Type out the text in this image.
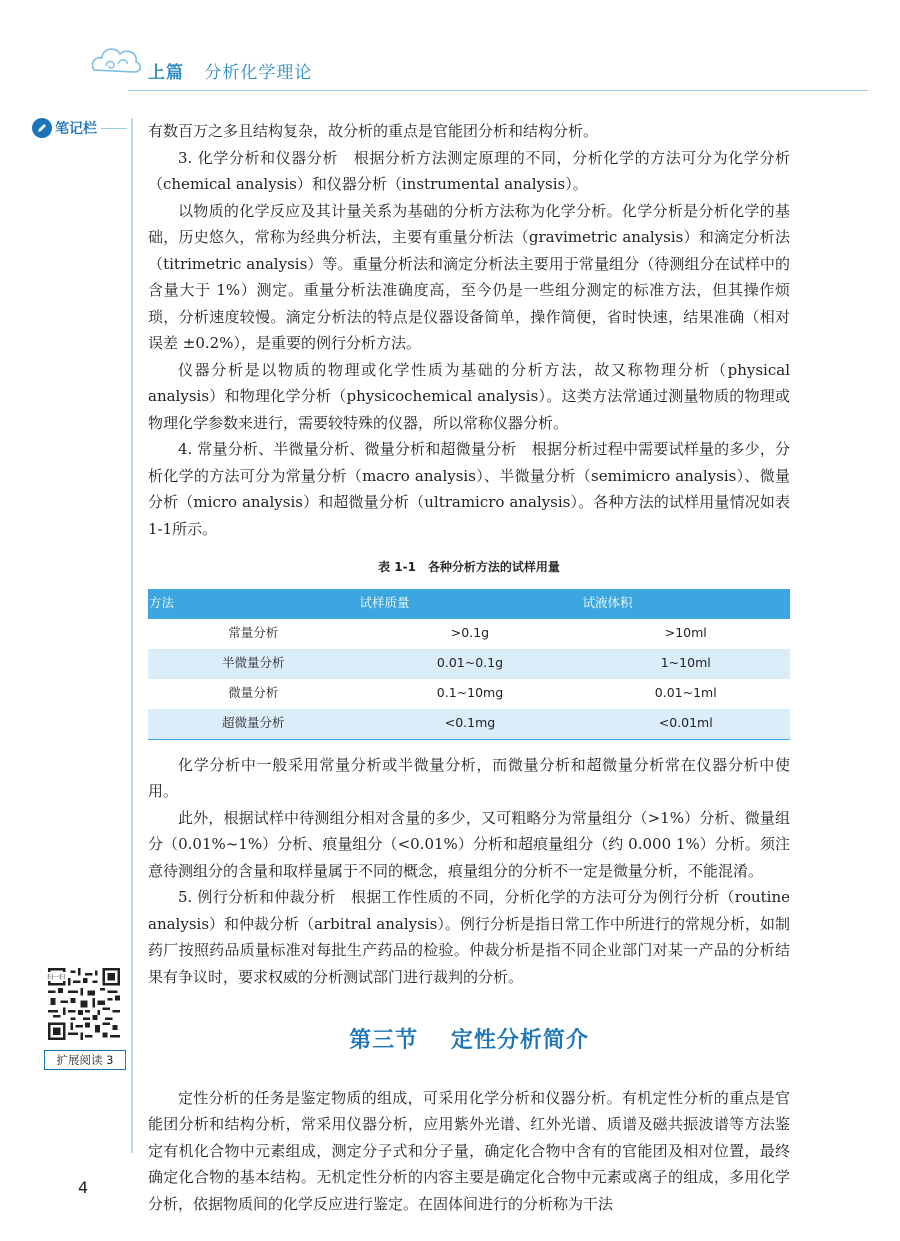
上篇 分析化学理论
笔记栏	有数百万之多且结构复杂，故分析的重点是官能团分析和结构分析。

3. 化学分析和仪器分析　根据分析方法测定原理的不同，分析化学的方法可分为化学分析（chemical analysis）和仪器分析（instrumental analysis）。

以物质的化学反应及其计量关系为基础的分析方法称为化学分析。化学分析是分析化学的基础，历史悠久，常称为经典分析法，主要有重量分析法（gravimetric analysis）和滴定分析法（titrimetric analysis）等。重量分析法和滴定分析法主要用于常量组分（待测组分在试样中的含量大于 1%）测定。重量分析法准确度高，至今仍是一些组分测定的标准方法，但其操作烦琐，分析速度较慢。滴定分析法的特点是仪器设备简单，操作简便，省时快速，结果准确（相对误差 ±0.2%），是重要的例行分析方法。

仪器分析是以物质的物理或化学性质为基础的分析方法，故又称物理分析（physical analysis）和物理化学分析（physicochemical analysis）。这类方法常通过测量物质的物理或物理化学参数来进行，需要较特殊的仪器，所以常称仪器分析。

4. 常量分析、半微量分析、微量分析和超微量分析　根据分析过程中需要试样量的多少，分析化学的方法可分为常量分析（macro analysis）、半微量分析（semimicro analysis）、微量分析（micro analysis）和超微量分析（ultramicro analysis）。各种方法的试样用量情况如表 1-1所示。

表 1-1　各种分析方法的试样用量
方法	试样质量	试液体积
常量分析	>0.1g	>10ml
半微量分析	0.01~0.1g	1~10ml
微量分析	0.1~10mg	0.01~1ml
超微量分析	<0.1mg	<0.01ml

化学分析中一般采用常量分析或半微量分析，而微量分析和超微量分析常在仪器分析中使用。

此外，根据试样中待测组分相对含量的多少，又可粗略分为常量组分（>1%）分析、微量组分（0.01%~1%）分析、痕量组分（<0.01%）分析和超痕量组分（约 0.000 1%）分析。须注意待测组分的含量和取样量属于不同的概念，痕量组分的分析不一定是微量分析，不能混淆。

5. 例行分析和仲裁分析　根据工作性质的不同，分析化学的方法可分为例行分析（routine analysis）和仲裁分析（arbitral analysis）。例行分析是指日常工作中所进行的常规分析，如制药厂按照药品质量标准对每批生产药品的检验。仲裁分析是指不同企业部门对某一产品的分析结果有争议时，要求权威的分析测试部门进行裁判的分析。

第三节 定性分析简介

定性分析的任务是鉴定物质的组成，可采用化学分析和仪器分析。有机定性分析的重点是官能团分析和结构分析，常采用仪器分析，应用紫外光谱、红外光谱、质谱及磁共振波谱等方法鉴定有机化合物中元素组成，测定分子式和分子量，确定化合物中含有的官能团及相对位置，最终确定化合物的基本结构。无机定性分析的内容主要是确定化合物中元素或离子的组成，多用化学分析，依据物质间的化学反应进行鉴定。在固体间进行的分析称为干法

扫一扫
扩展阅读 3
4
